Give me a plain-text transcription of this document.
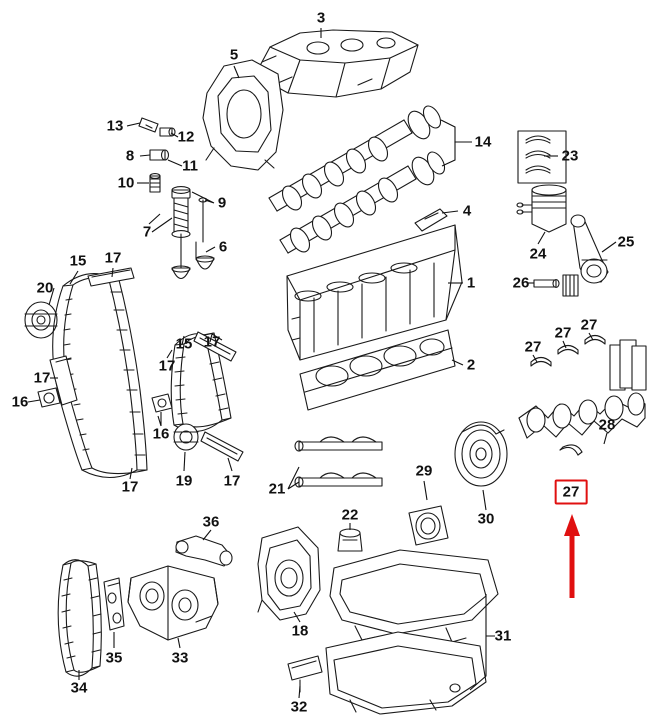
3
5
13
12	14
23
8
11
10
9	4
7
6	24
25
1 26
15 17
20
15 17
17
27
27 27
2
17
16
16
28
17 19 17 21
29
22	30
27
36
35	33
18	31
34
32
